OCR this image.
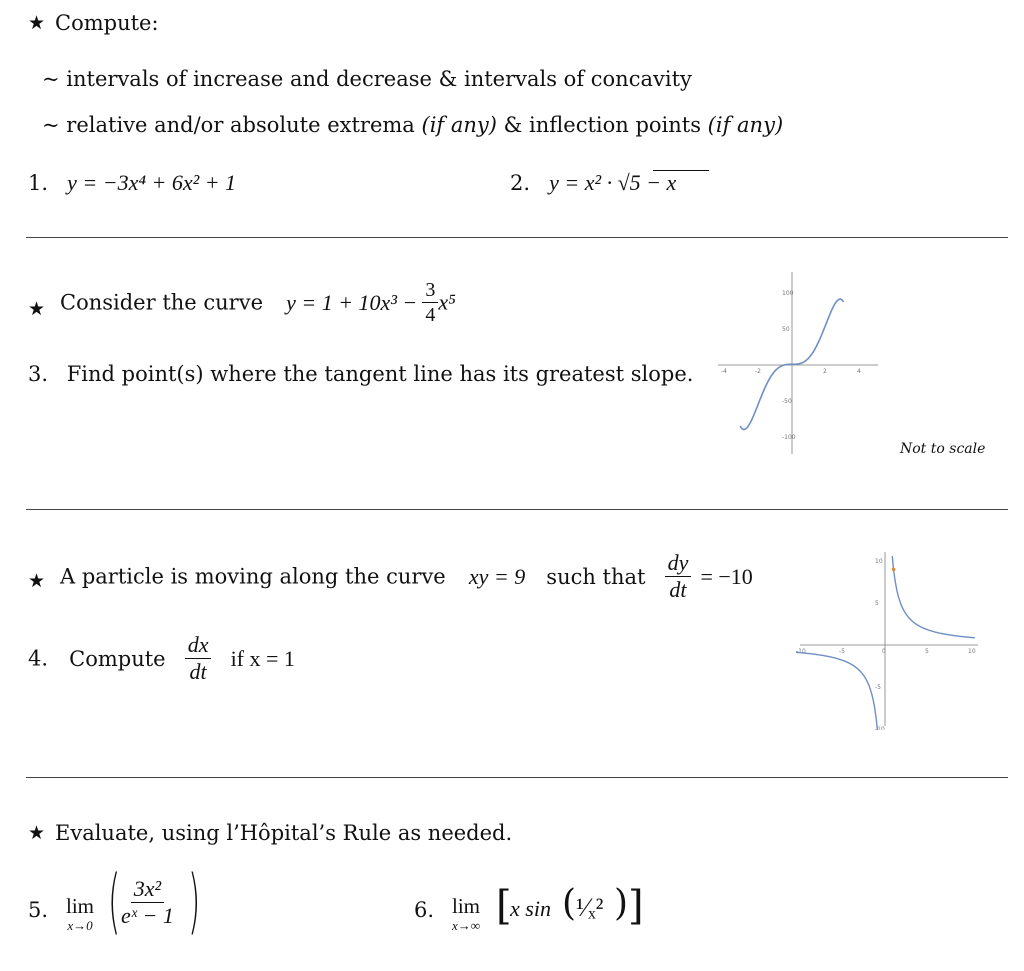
★ Compute:
~ intervals of increase and decrease & intervals of concavity
~ relative and/or absolute extrema (if any) & inflection points (if any)
1. y = −3x⁴ + 6x² + 1	2. y = x² · √5 − x
★ Consider the curve $y = 1 + 10x^3 - \frac{3}{4} x^5$
3. Find point(s) where the tangent line has its greatest slope.	-4	-2	2	4
100
50
-50
-100
Not to scale
★ A particle is moving along the curve xy = 9 such that $\frac{dy}{dt} = -10$
4. Compute $\frac{dx}{dt}$ if x = 1	-10	-5	0	5	10
10
5
-5
-10
★ Evaluate, using l’Hôpital’s Rule as needed.
5. lim
x→0 (
$\frac{\text{3x²}}{\text{eˣ − 1}}$ )	6. lim
x→∞ [
x sin ( ¹⁄ₓ² ) ]
